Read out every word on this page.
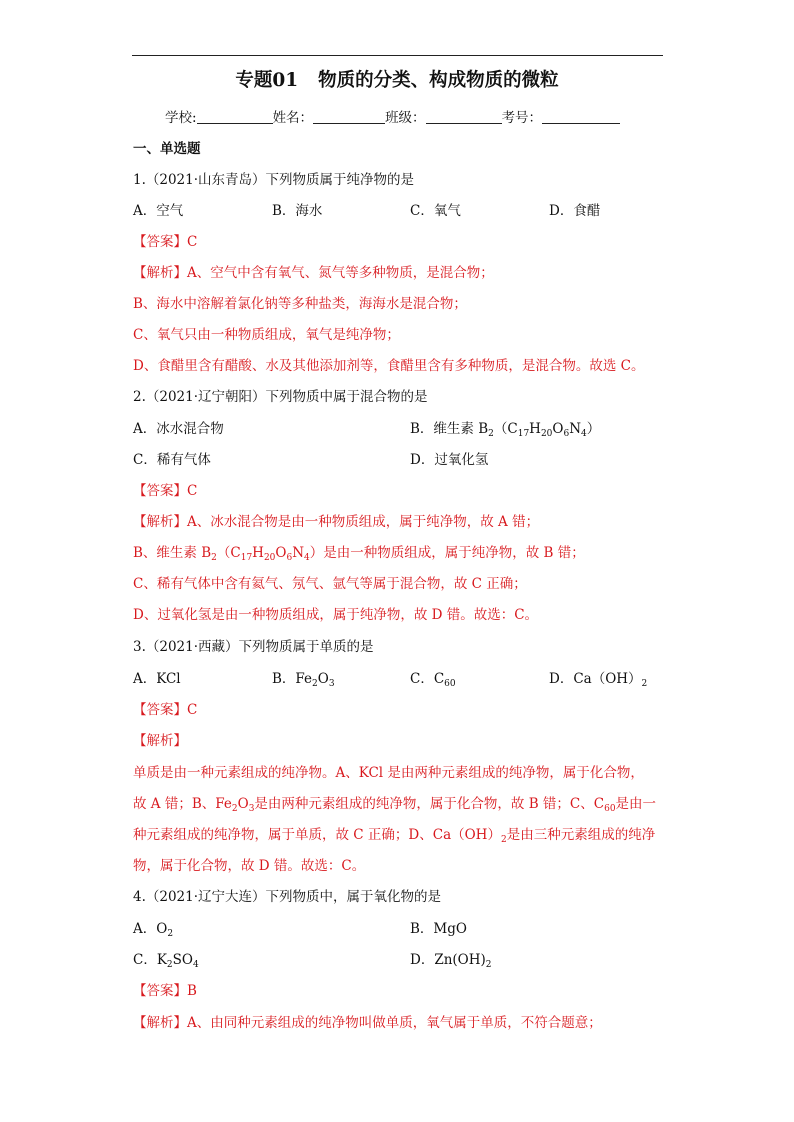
专题01 物质的分类、构成物质的微粒
学校:	姓名：	班级：	考号：
一、单选题
1.（2021·山东青岛）下列物质属于纯净物的是
A．空气	B．海水	C．氧气	D．食醋
【答案】C
【解析】A、空气中含有氧气、氮气等多种物质，是混合物；
B、海水中溶解着氯化钠等多种盐类，海海水是混合物；
C、氧气只由一种物质组成，氧气是纯净物；
D、食醋里含有醋酸、水及其他添加剂等，食醋里含有多种物质，是混合物。故选 C。
2.（2021·辽宁朝阳）下列物质中属于混合物的是
A．冰水混合物	B．维生素 $B_2(C_{17}H_{20}O_6N_4)$
C．稀有气体	D．过氧化氢
【答案】C
【解析】A、冰水混合物是由一种物质组成，属于纯净物，故 A 错；
B、维生素 $B_2(C_{17}H_{20}O_6N_4)$是由一种物质组成，属于纯净物，故 B 错；
C、稀有气体中含有氦气、氖气、氩气等属于混合物，故 C 正确；
D、过氧化氢是由一种物质组成，属于纯净物，故 D 错。故选：C。
3.（2021·西藏）下列物质属于单质的是
A．KCl	B．$Fe_2O_3$	C．$C_{60}$	D．$Ca(OH)_2$
【答案】C
【解析】
单质是由一种元素组成的纯净物。A、KCl 是由两种元素组成的纯净物，属于化合物，
故 A 错；B、$Fe_2O_3$是由两种元素组成的纯净物，属于化合物，故 B 错；C、$C_{60}$是由一
种元素组成的纯净物，属于单质，故 C 正确；D、$Ca(OH)_2$是由三种元素组成的纯净
物，属于化合物，故 D 错。故选：C。
4.（2021·辽宁大连）下列物质中，属于氧化物的是
A．$O_2$	B．MgO
C．$K_2SO_4$	D．$Zn(OH)_2$
【答案】B
【解析】A、由同种元素组成的纯净物叫做单质，氧气属于单质，不符合题意；
